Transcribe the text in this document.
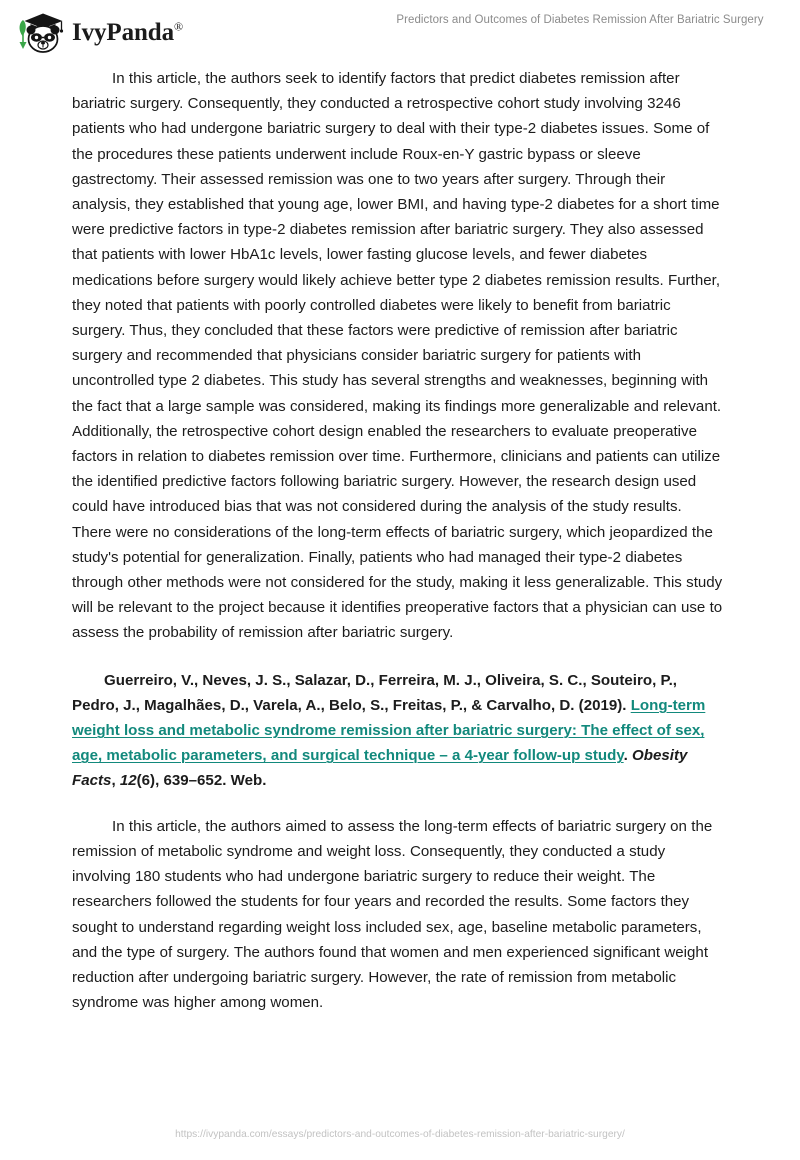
IvyPanda®	Predictors and Outcomes of Diabetes Remission After Bariatric Surgery

In this article, the authors seek to identify factors that predict diabetes remission after bariatric surgery. Consequently, they conducted a retrospective cohort study involving 3246 patients who had undergone bariatric surgery to deal with their type-2 diabetes issues. Some of the procedures these patients underwent include Roux-en-Y gastric bypass or sleeve gastrectomy. Their assessed remission was one to two years after surgery. Through their analysis, they established that young age, lower BMI, and having type-2 diabetes for a short time were predictive factors in type-2 diabetes remission after bariatric surgery. They also assessed that patients with lower HbA1c levels, lower fasting glucose levels, and fewer diabetes medications before surgery would likely achieve better type 2 diabetes remission results. Further, they noted that patients with poorly controlled diabetes were likely to benefit from bariatric surgery. Thus, they concluded that these factors were predictive of remission after bariatric surgery and recommended that physicians consider bariatric surgery for patients with uncontrolled type 2 diabetes. This study has several strengths and weaknesses, beginning with the fact that a large sample was considered, making its findings more generalizable and relevant. Additionally, the retrospective cohort design enabled the researchers to evaluate preoperative factors in relation to diabetes remission over time. Furthermore, clinicians and patients can utilize the identified predictive factors following bariatric surgery. However, the research design used could have introduced bias that was not considered during the analysis of the study results. There were no considerations of the long-term effects of bariatric surgery, which jeopardized the study's potential for generalization. Finally, patients who had managed their type-2 diabetes through other methods were not considered for the study, making it less generalizable. This study will be relevant to the project because it identifies preoperative factors that a physician can use to assess the probability of remission after bariatric surgery.

Guerreiro, V., Neves, J. S., Salazar, D., Ferreira, M. J., Oliveira, S. C., Souteiro, P., Pedro, J., Magalhães, D., Varela, A., Belo, S., Freitas, P., & Carvalho, D. (2019). Long-term weight loss and metabolic syndrome remission after bariatric surgery: The effect of sex, age, metabolic parameters, and surgical technique – a 4-year follow-up study. Obesity Facts, 12(6), 639–652. Web.

In this article, the authors aimed to assess the long-term effects of bariatric surgery on the remission of metabolic syndrome and weight loss. Consequently, they conducted a study involving 180 students who had undergone bariatric surgery to reduce their weight. The researchers followed the students for four years and recorded the results. Some factors they sought to understand regarding weight loss included sex, age, baseline metabolic parameters, and the type of surgery. The authors found that women and men experienced significant weight reduction after undergoing bariatric surgery. However, the rate of remission from metabolic syndrome was higher among women.

https://ivypanda.com/essays/predictors-and-outcomes-of-diabetes-remission-after-bariatric-surgery/
